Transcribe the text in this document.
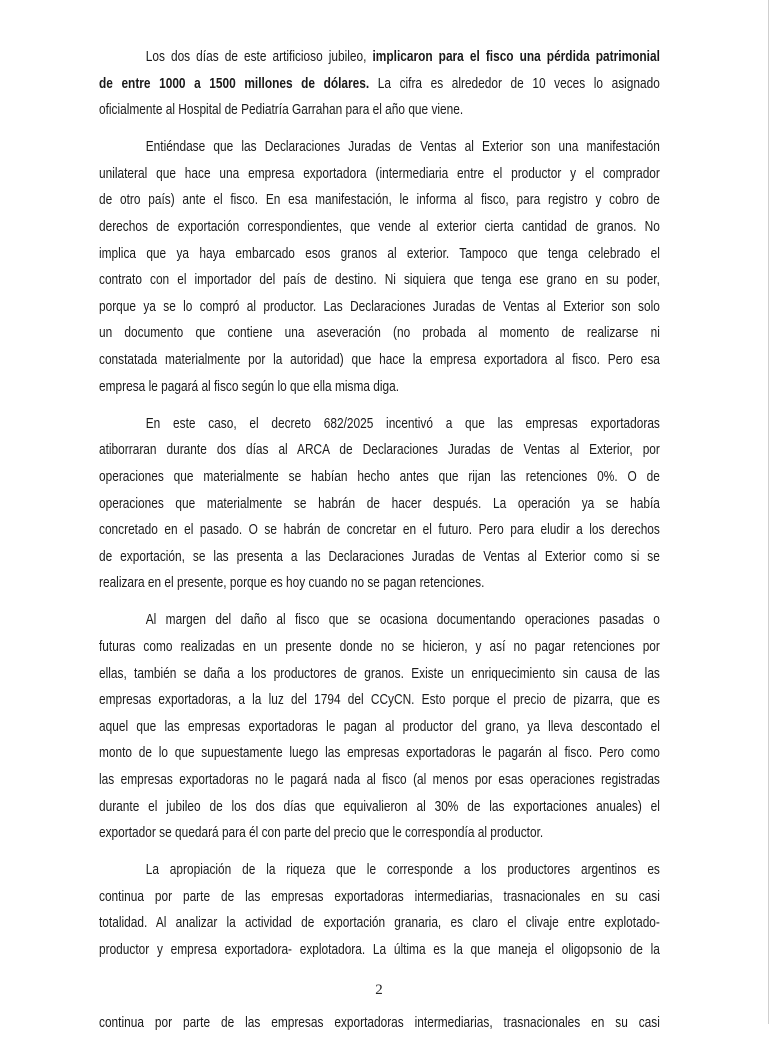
Los dos días de este artificioso jubileo, implicaron para el fisco una pérdida patrimonial
de entre 1000 a 1500 millones de dólares. La cifra es alrededor de 10 veces lo asignado
oficialmente al Hospital de Pediatría Garrahan para el año que viene.
Entiéndase que las Declaraciones Juradas de Ventas al Exterior son una manifestación
unilateral que hace una empresa exportadora (intermediaria entre el productor y el comprador
de otro país) ante el fisco. En esa manifestación, le informa al fisco, para registro y cobro de
derechos de exportación correspondientes, que vende al exterior cierta cantidad de granos. No
implica que ya haya embarcado esos granos al exterior. Tampoco que tenga celebrado el
contrato con el importador del país de destino. Ni siquiera que tenga ese grano en su poder,
porque ya se lo compró al productor. Las Declaraciones Juradas de Ventas al Exterior son solo
un documento que contiene una aseveración (no probada al momento de realizarse ni
constatada materialmente por la autoridad) que hace la empresa exportadora al fisco. Pero esa
empresa le pagará al fisco según lo que ella misma diga.
En este caso, el decreto 682/2025 incentivó a que las empresas exportadoras
atiborraran durante dos días al ARCA de Declaraciones Juradas de Ventas al Exterior, por
operaciones que materialmente se habían hecho antes que rijan las retenciones 0%. O de
operaciones que materialmente se habrán de hacer después. La operación ya se había
concretado en el pasado. O se habrán de concretar en el futuro. Pero para eludir a los derechos
de exportación, se las presenta a las Declaraciones Juradas de Ventas al Exterior como si se
realizara en el presente, porque es hoy cuando no se pagan retenciones.
Al margen del daño al fisco que se ocasiona documentando operaciones pasadas o
futuras como realizadas en un presente donde no se hicieron, y así no pagar retenciones por
ellas, también se daña a los productores de granos. Existe un enriquecimiento sin causa de las
empresas exportadoras, a la luz del 1794 del CCyCN. Esto porque el precio de pizarra, que es
aquel que las empresas exportadoras le pagan al productor del grano, ya lleva descontado el
monto de lo que supuestamente luego las empresas exportadoras le pagarán al fisco. Pero como
las empresas exportadoras no le pagará nada al fisco (al menos por esas operaciones registradas
durante el jubileo de los dos días que equivalieron al 30% de las exportaciones anuales) el
exportador se quedará para él con parte del precio que le correspondía al productor.
La apropiación de la riqueza que le corresponde a los productores argentinos es
continua por parte de las empresas exportadoras intermediarias, trasnacionales en su casi
totalidad. Al analizar la actividad de exportación granaria, es claro el clivaje entre explotado-
productor y empresa exportadora- explotadora. La última es la que maneja el oligopsonio de la
2
continua por parte de las empresas exportadoras intermediarias, trasnacionales en su casi
